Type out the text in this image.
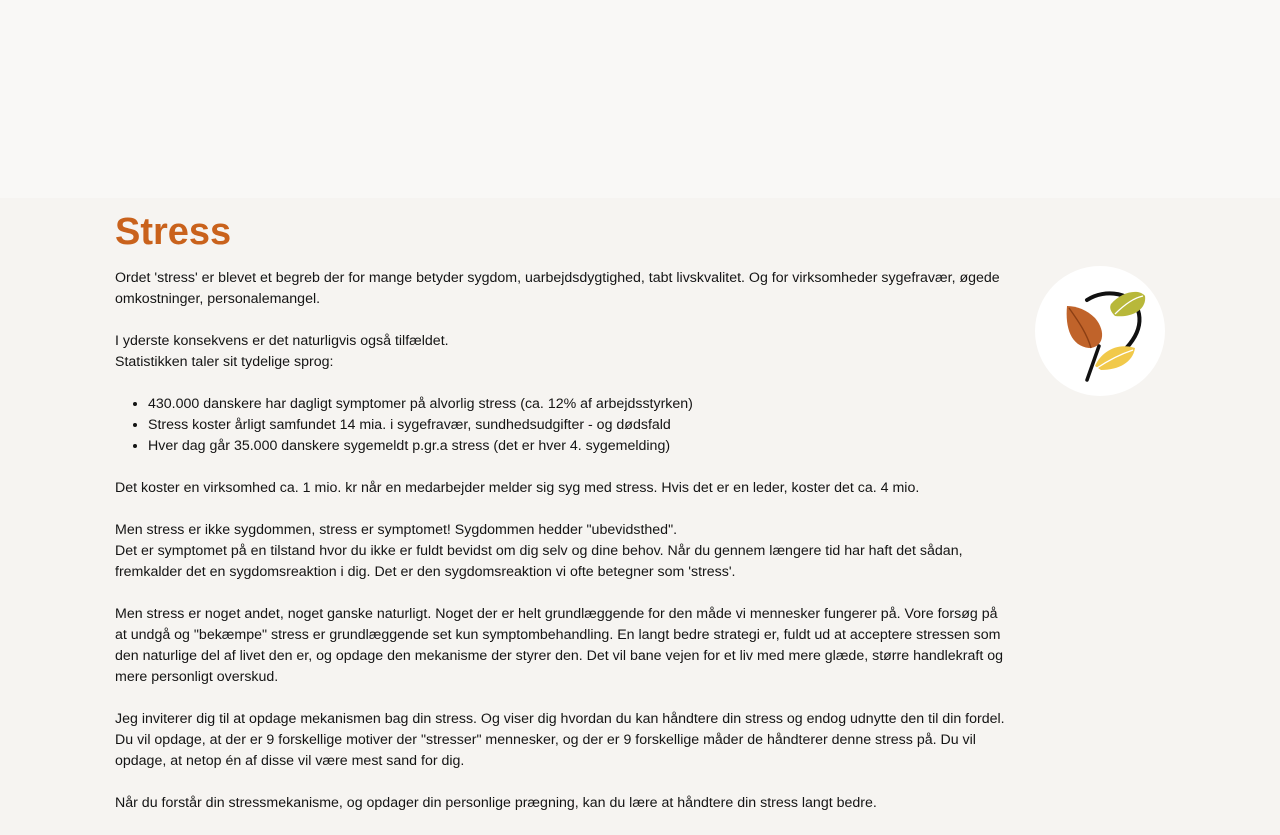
Stress

Ordet 'stress' er blevet et begreb der for mange betyder sygdom, uarbejdsdygtighed, tabt livskvalitet. Og for virksomheder sygefravær, øgede omkostninger, personalemangel.

I yderste konsekvens er det naturligvis også tilfældet.
Statistikken taler sit tydelige sprog:

• 430.000 danskere har dagligt symptomer på alvorlig stress (ca. 12% af arbejdsstyrken)
• Stress koster årligt samfundet 14 mia. i sygefravær, sundhedsudgifter - og dødsfald
• Hver dag går 35.000 danskere sygemeldt p.gr.a stress (det er hver 4. sygemelding)

Det koster en virksomhed ca. 1 mio. kr når en medarbejder melder sig syg med stress. Hvis det er en leder, koster det ca. 4 mio.

Men stress er ikke sygdommen, stress er symptomet! Sygdommen hedder "ubevidsthed".
Det er symptomet på en tilstand hvor du ikke er fuldt bevidst om dig selv og dine behov. Når du gennem længere tid har haft det sådan, fremkalder det en sygdomsreaktion i dig. Det er den sygdomsreaktion vi ofte betegner som 'stress'.

Men stress er noget andet, noget ganske naturligt. Noget der er helt grundlæggende for den måde vi mennesker fungerer på. Vore forsøg på at undgå og "bekæmpe" stress er grundlæggende set kun symptombehandling. En langt bedre strategi er, fuldt ud at acceptere stressen som den naturlige del af livet den er, og opdage den mekanisme der styrer den. Det vil bane vejen for et liv med mere glæde, større handlekraft og mere personligt overskud.

Jeg inviterer dig til at opdage mekanismen bag din stress. Og viser dig hvordan du kan håndtere din stress og endog udnytte den til din fordel.
Du vil opdage, at der er 9 forskellige motiver der "stresser" mennesker, og der er 9 forskellige måder de håndterer denne stress på. Du vil opdage, at netop én af disse vil være mest sand for dig.

Når du forstår din stressmekanisme, og opdager din personlige prægning, kan du lære at håndtere din stress langt bedre.
